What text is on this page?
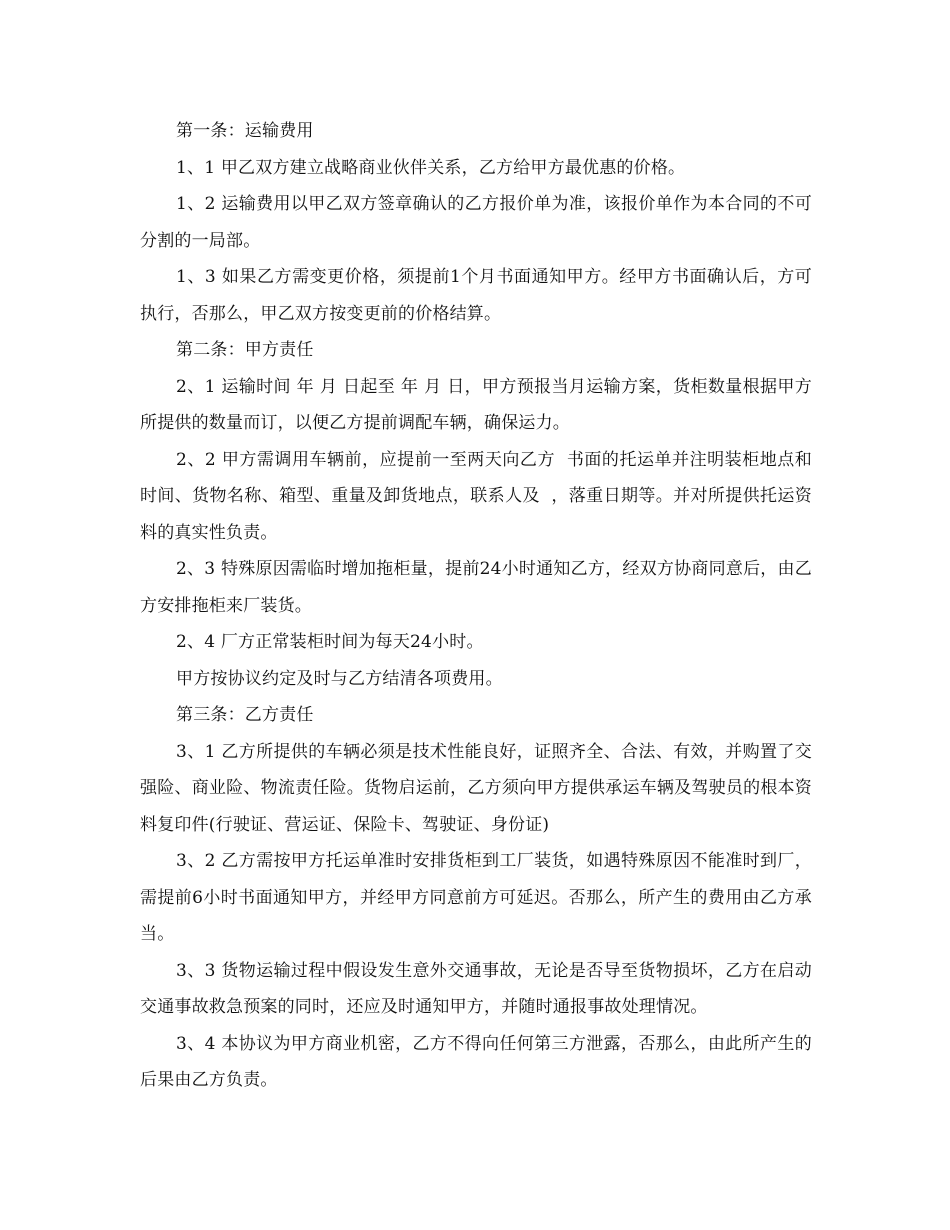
第一条：运输费用

1、1 甲乙双方建立战略商业伙伴关系，乙方给甲方最优惠的价格。

1、2 运输费用以甲乙双方签章确认的乙方报价单为准，该报价单作为本合同的不可分割的一局部。

1、3 如果乙方需变更价格，须提前1个月书面通知甲方。经甲方书面确认后，方可执行，否那么，甲乙双方按变更前的价格结算。

第二条：甲方责任

2、1 运输时间 年 月 日起至 年 月 日，甲方预报当月运输方案，货柜数量根据甲方所提供的数量而订，以便乙方提前调配车辆，确保运力。

2、2 甲方需调用车辆前，应提前一至两天向乙方  书面的托运单并注明装柜地点和时间、货物名称、箱型、重量及卸货地点，联系人及  ，落重日期等。并对所提供托运资料的真实性负责。

2、3 特殊原因需临时增加拖柜量，提前24小时通知乙方，经双方协商同意后，由乙方安排拖柜来厂装货。

2、4 厂方正常装柜时间为每天24小时。

甲方按协议约定及时与乙方结清各项费用。

第三条：乙方责任

3、1 乙方所提供的车辆必须是技术性能良好，证照齐全、合法、有效，并购置了交强险、商业险、物流责任险。货物启运前，乙方须向甲方提供承运车辆及驾驶员的根本资料复印件(行驶证、营运证、保险卡、驾驶证、身份证)

3、2 乙方需按甲方托运单准时安排货柜到工厂装货，如遇特殊原因不能准时到厂，需提前6小时书面通知甲方，并经甲方同意前方可延迟。否那么，所产生的费用由乙方承当。

3、3 货物运输过程中假设发生意外交通事故，无论是否导至货物损坏，乙方在启动交通事故救急预案的同时，还应及时通知甲方，并随时通报事故处理情况。

3、4 本协议为甲方商业机密，乙方不得向任何第三方泄露，否那么，由此所产生的后果由乙方负责。
